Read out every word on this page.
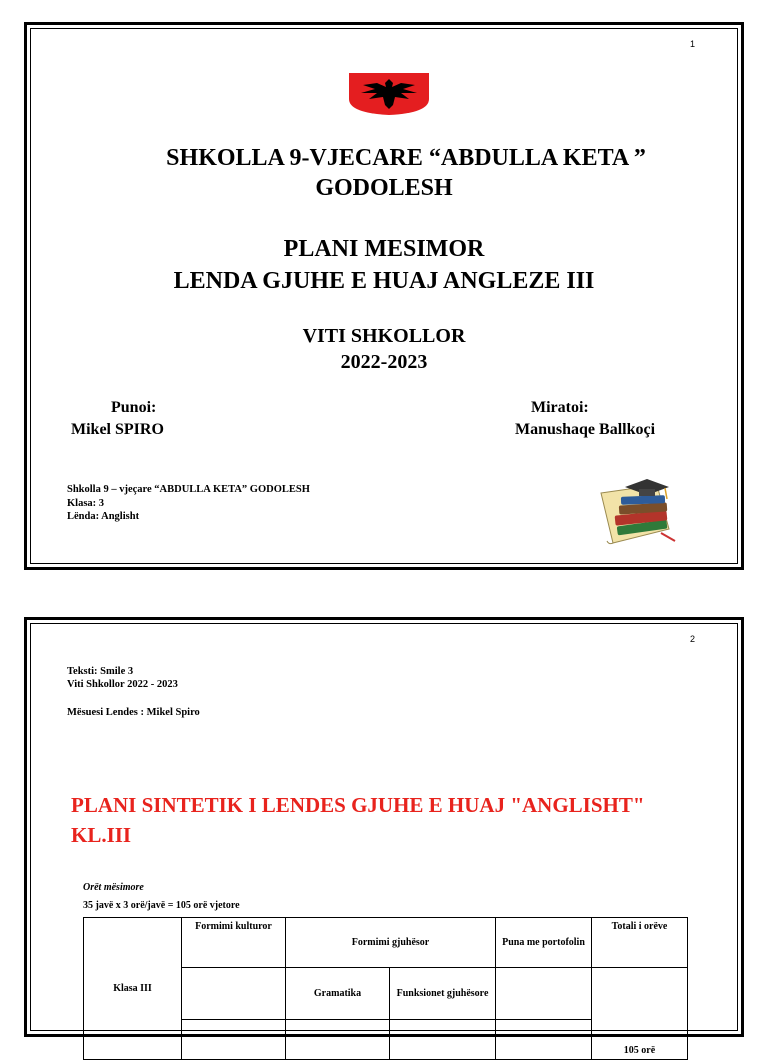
1
SHKOLLA 9-VJECARE “ABDULLA KETA ”
GODOLESH
PLANI MESIMOR
LENDA GJUHE E HUAJ ANGLEZE III
VITI SHKOLLOR
2022-2023
Punoi:
Mikel SPIRO
Miratoi:
Manushaqe Ballkoçi
Shkolla 9 – vjeçare “ABDULLA KETA” GODOLESH
Klasa: 3
Lënda: Anglisht
2
Teksti: Smile 3
Viti Shkollor 2022 - 2023
Mësuesi Lendes : Mikel Spiro
PLANI SINTETIK I LENDES GJUHE E HUAJ "ANGLISHT"
KL.III
Orët mësimore
35 javë x 3 orë/javë = 105 orë vjetore
Klasa III	Formimi kulturor	Formimi gjuhësor		Puna me portofolin	Totali i orëve
		Gramatika	Funksionet gjuhësore		105 orë
